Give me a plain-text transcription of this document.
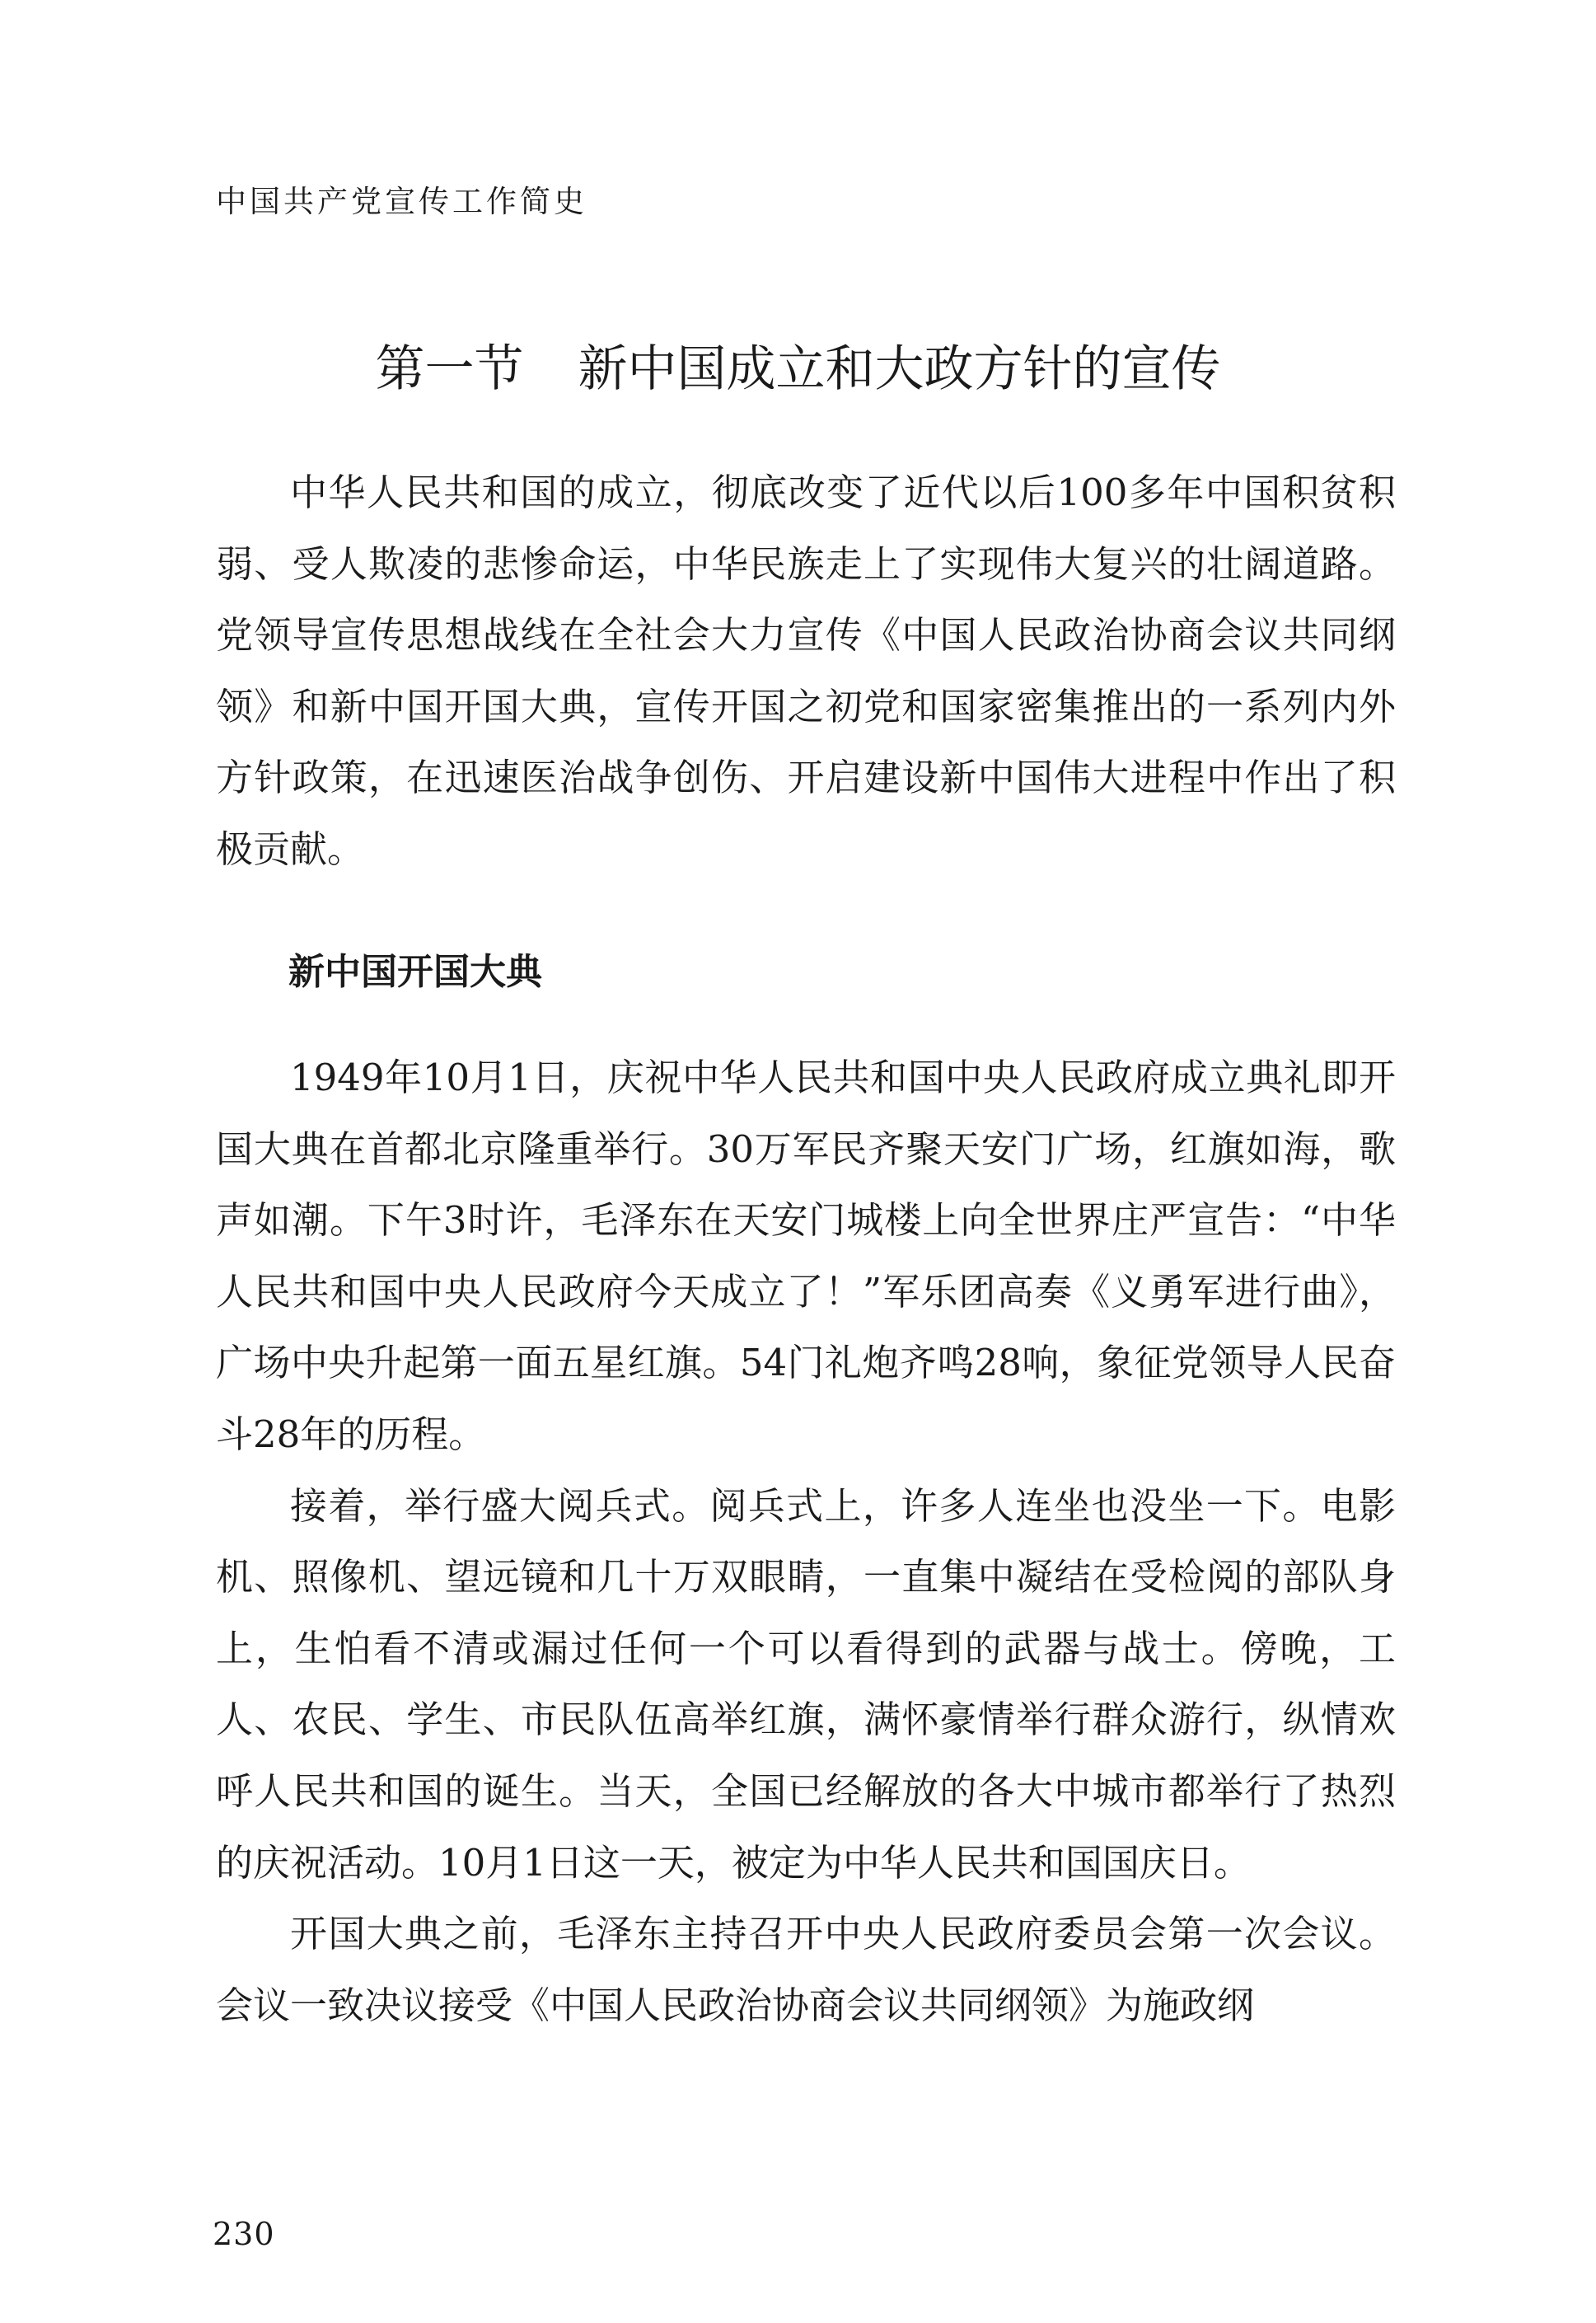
中国共产党宣传工作简史
第一节 新中国成立和大政方针的宣传

中华人民共和国的成立，彻底改变了近代以后100多年中国积贫积弱、受人欺凌的悲惨命运，中华民族走上了实现伟大复兴的壮阔道路。党领导宣传思想战线在全社会大力宣传《中国人民政治协商会议共同纲领》和新中国开国大典，宣传开国之初党和国家密集推出的一系列内外方针政策，在迅速医治战争创伤、开启建设新中国伟大进程中作出了积极贡献。

新中国开国大典

1949年10月1日，庆祝中华人民共和国中央人民政府成立典礼即开国大典在首都北京隆重举行。30万军民齐聚天安门广场，红旗如海，歌声如潮。下午3时许，毛泽东在天安门城楼上向全世界庄严宣告：“中华人民共和国中央人民政府今天成立了！”军乐团高奏《义勇军进行曲》，广场中央升起第一面五星红旗。54门礼炮齐鸣28响，象征党领导人民奋斗28年的历程。

接着，举行盛大阅兵式。阅兵式上，许多人连坐也没坐一下。电影机、照像机、望远镜和几十万双眼睛，一直集中凝结在受检阅的部队身上，生怕看不清或漏过任何一个可以看得到的武器与战士。傍晚，工人、农民、学生、市民队伍高举红旗，满怀豪情举行群众游行，纵情欢呼人民共和国的诞生。当天，全国已经解放的各大中城市都举行了热烈的庆祝活动。10月1日这一天，被定为中华人民共和国国庆日。

开国大典之前，毛泽东主持召开中央人民政府委员会第一次会议。会议一致决议接受《中国人民政治协商会议共同纲领》为施政纲

230
